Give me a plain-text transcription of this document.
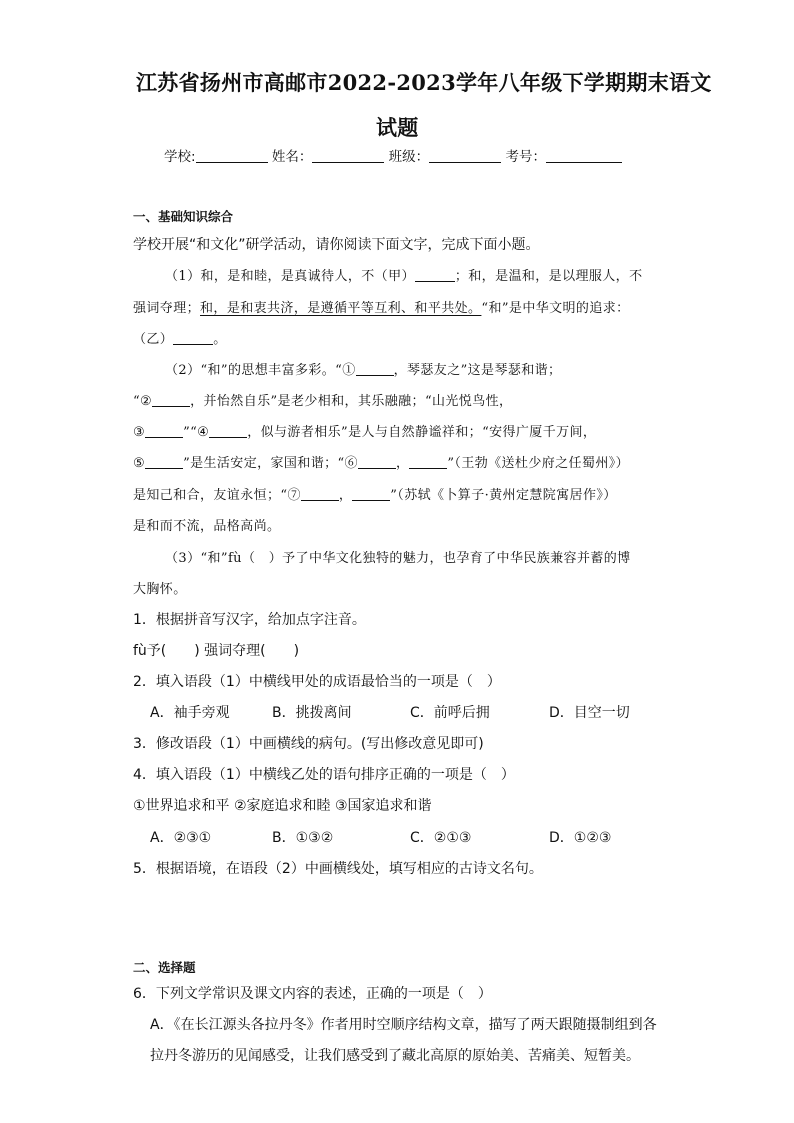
江苏省扬州市高邮市2022-2023学年八年级下学期期末语文
试题
学校:	姓名：	班级：	考号：
一、基础知识综合
学校开展“和文化”研学活动，请你阅读下面文字，完成下面小题。
（1）和，是和睦，是真诚待人，不（甲）	；和，是温和，是以理服人，不
强词夺理；和，是和衷共济，是遵循平等互利、和平共处。“和”是中华文明的追求：
（乙）	。
（2）“和”的思想丰富多彩。“①	，琴瑟友之”这是琴瑟和谐；
“②	，并怡然自乐”是老少相和，其乐融融；“山光悦鸟性，
③	”“④	，似与游者相乐”是人与自然静谧祥和；“安得广厦千万间，
⑤	”是生活安定，家国和谐；“⑥	，	”（王勃《送杜少府之任蜀州》）
是知己和合，友谊永恒；“⑦	，	”（苏轼《卜算子·黄州定慧院寓居作》）
是和而不流，品格高尚。
（3）“和”fù（　）予了中华文化独特的魅力，也孕育了中华民族兼容并蓄的博
大胸怀。
1．根据拼音写汉字，给加点字注音。
fù予(　　) 强词夺理(　　)
2．填入语段（1）中横线甲处的成语最恰当的一项是（　）
A．袖手旁观	B．挑拨离间	C．前呼后拥	D．目空一切
3．修改语段（1）中画横线的病句。(写出修改意见即可)
4．填入语段（1）中横线乙处的语句排序正确的一项是（　）
①世界追求和平 ②家庭追求和睦 ③国家追求和谐
A．②③①	B．①③②	C．②①③	D．①②③
5．根据语境，在语段（2）中画横线处，填写相应的古诗文名句。
二、选择题
6．下列文学常识及课文内容的表述，正确的一项是（　）
A．《在长江源头各拉丹冬》作者用时空顺序结构文章，描写了两天跟随摄制组到各
拉丹冬游历的见闻感受，让我们感受到了藏北高原的原始美、苦痛美、短暂美。
